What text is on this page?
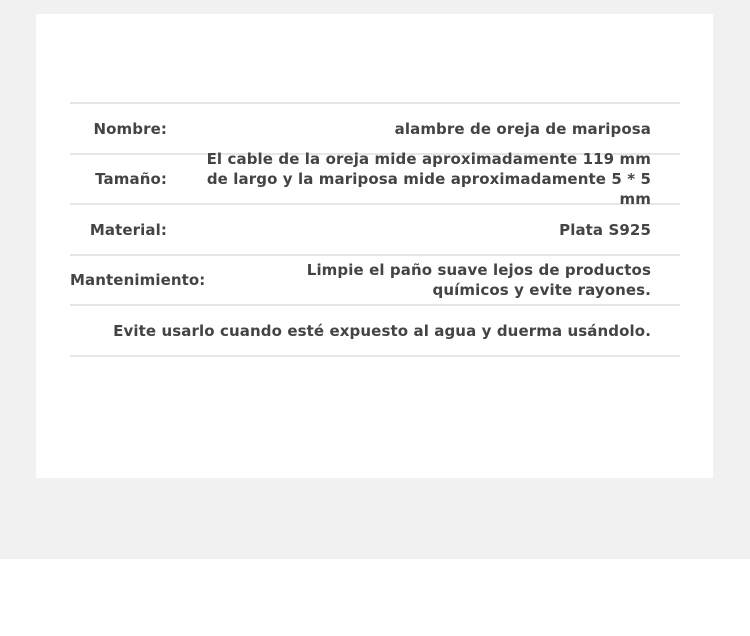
Nombre:	alambre de oreja de mariposa
Tamaño:
El cable de la oreja mide aproximadamente 119 mm de largo y la mariposa mide aproximadamente 5 * 5 mm
Material:	Plata S925
Mantenimiento:
Limpie el paño suave lejos de productos químicos y evite rayones.
Evite usarlo cuando esté expuesto al agua y duerma usándolo.
